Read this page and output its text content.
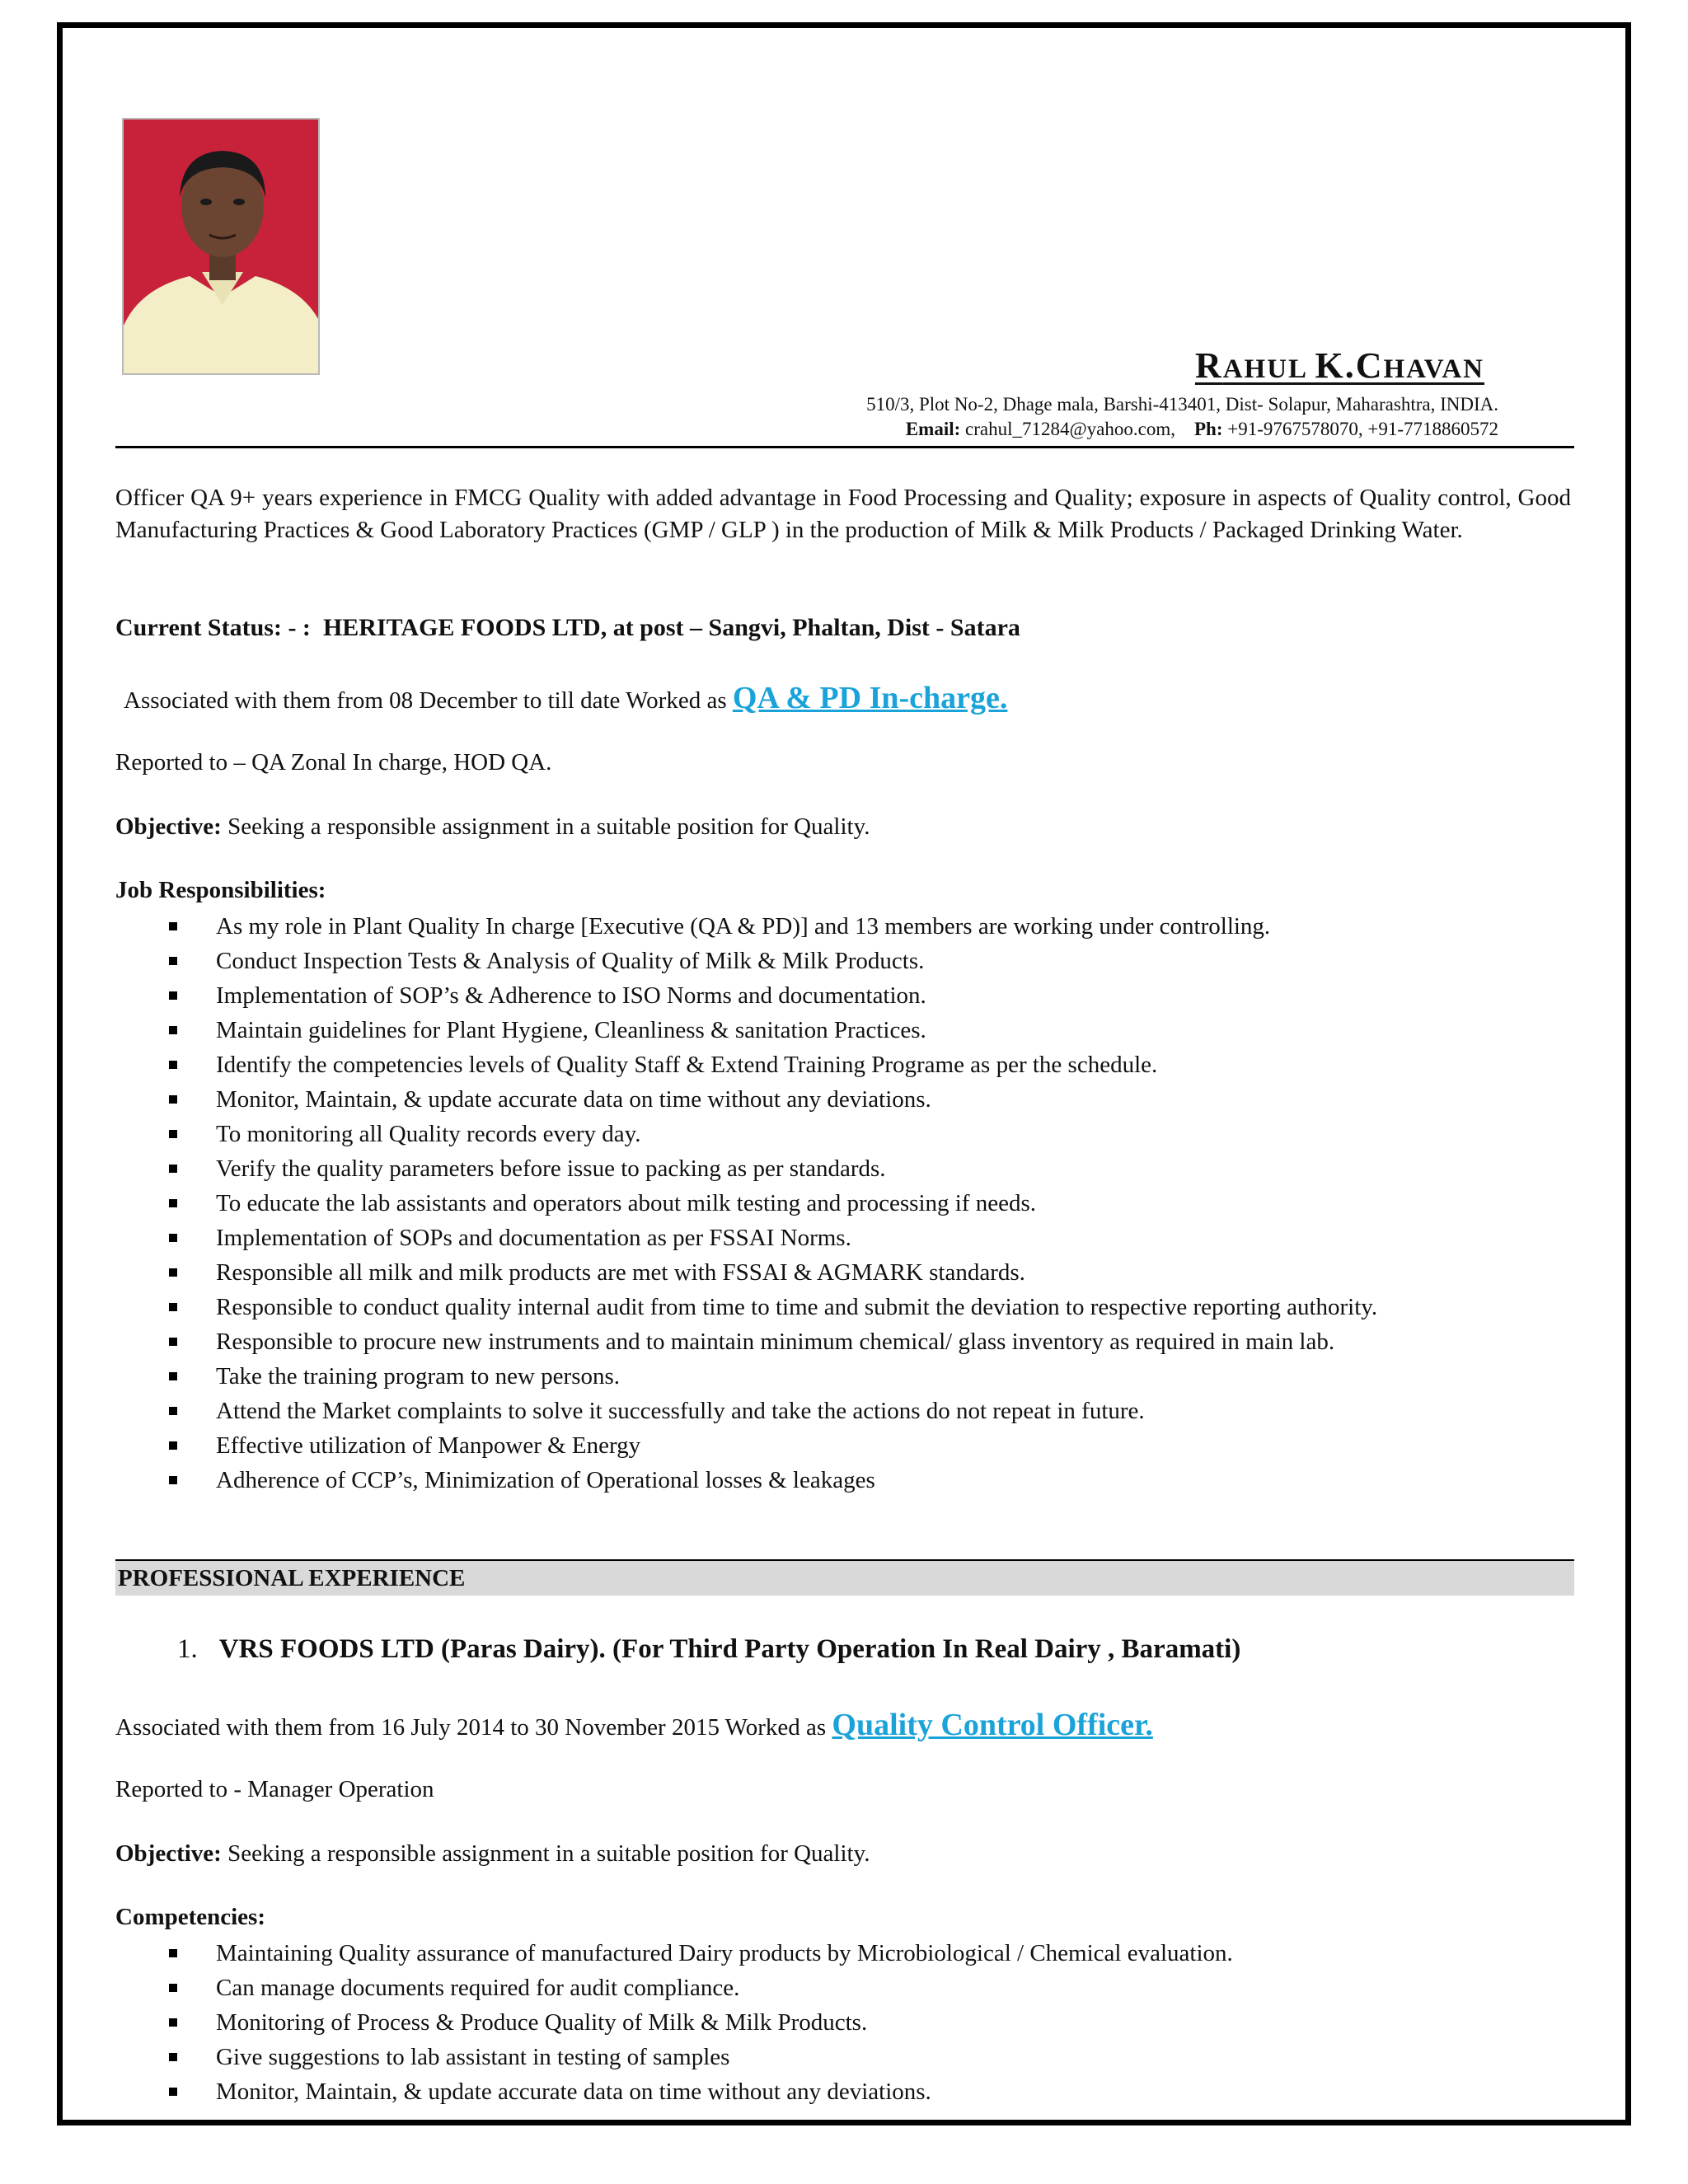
RAHUL K.CHAVAN
510/3, Plot No-2, Dhage mala, Barshi-413401, Dist- Solapur, Maharashtra, INDIA.
Email: crahul_71284@yahoo.com, Ph: +91-9767578070, +91-7718860572
Officer QA 9+ years experience in FMCG Quality with added advantage in Food Processing and Quality; exposure in aspects of Quality control, Good Manufacturing Practices & Good Laboratory Practices (GMP / GLP ) in the production of Milk & Milk Products / Packaged Drinking Water.
Current Status: - : HERITAGE FOODS LTD, at post – Sangvi, Phaltan, Dist - Satara
Associated with them from 08 December to till date Worked as QA & PD In-charge.
Reported to – QA Zonal In charge, HOD QA.
Objective: Seeking a responsible assignment in a suitable position for Quality.
Job Responsibilities:
As my role in Plant Quality In charge [Executive (QA & PD)] and 13 members are working under controlling.
Conduct Inspection Tests & Analysis of Quality of Milk & Milk Products.
Implementation of SOP’s & Adherence to ISO Norms and documentation.
Maintain guidelines for Plant Hygiene, Cleanliness & sanitation Practices.
Identify the competencies levels of Quality Staff & Extend Training Programe as per the schedule.
Monitor, Maintain, & update accurate data on time without any deviations.
To monitoring all Quality records every day.
Verify the quality parameters before issue to packing as per standards.
To educate the lab assistants and operators about milk testing and processing if needs.
Implementation of SOPs and documentation as per FSSAI Norms.
Responsible all milk and milk products are met with FSSAI & AGMARK standards.
Responsible to conduct quality internal audit from time to time and submit the deviation to respective reporting authority.
Responsible to procure new instruments and to maintain minimum chemical/ glass inventory as required in main lab.
Take the training program to new persons.
Attend the Market complaints to solve it successfully and take the actions do not repeat in future.
Effective utilization of Manpower & Energy
Adherence of CCP’s, Minimization of Operational losses & leakages
PROFESSIONAL EXPERIENCE
1. VRS FOODS LTD (Paras Dairy). (For Third Party Operation In Real Dairy , Baramati)
Associated with them from 16 July 2014 to 30 November 2015 Worked as Quality Control Officer.
Reported to - Manager Operation
Objective: Seeking a responsible assignment in a suitable position for Quality.
Competencies:
Maintaining Quality assurance of manufactured Dairy products by Microbiological / Chemical evaluation.
Can manage documents required for audit compliance.
Monitoring of Process & Produce Quality of Milk & Milk Products.
Give suggestions to lab assistant in testing of samples
Monitor, Maintain, & update accurate data on time without any deviations.
